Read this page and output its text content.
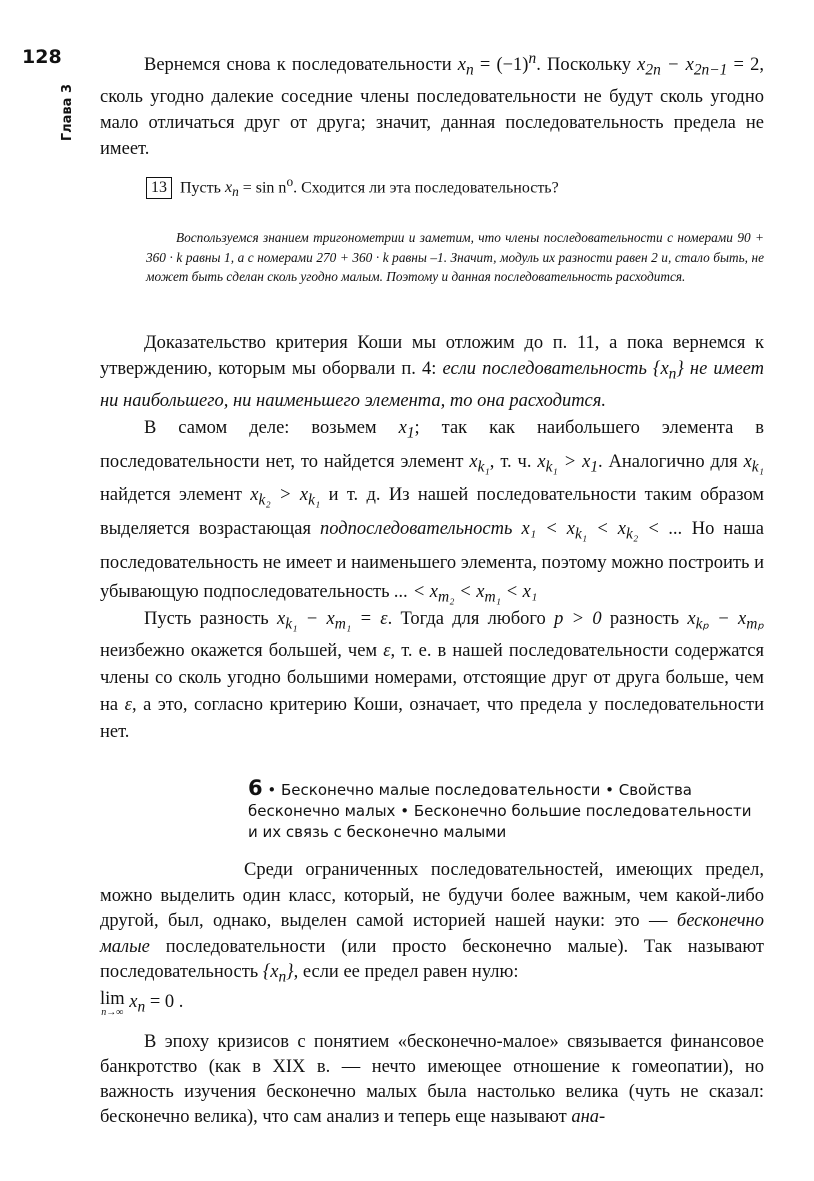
128
Глава 3
Вернемся снова к последовательности $x_n = (-1)^n$. Поскольку $x_{2n} - x_{2n-1} = 2$, сколь угодно далекие соседние члены последовательности не будут сколь угодно мало отличаться друг от друга; значит, данная последовательность предела не имеет.
13 Пусть $x_n = \sin n^o$. Сходится ли эта последовательность?
Воспользуемся знанием тригонометрии и заметим, что члены последовательности с номерами 90 + 360 · k равны 1, а с номерами 270 + 360 · k равны –1. Значит, модуль их разности равен 2 и, стало быть, не может быть сделан сколь угодно малым. Поэтому и данная последовательность расходится.
Доказательство критерия Коши мы отложим до п. 11, а пока вернемся к утверждению, которым мы оборвали п. 4: если последовательность $\{x_n\}$ не имеет ни наибольшего, ни наименьшего элемента, то она расходится.
В самом деле: возьмем $x_1$; так как наибольшего элемента в последовательности нет, то найдется элемент $x_{k_1}$, т. ч. $x_{k_1} > x_1$. Аналогично для $x_{k_1}$ найдется элемент $x_{k_2} > x_{k_1}$ и т. д. Из нашей последовательности таким образом выделяется возрастающая подпоследовательность $x_1 < x_{k_1} < x_{k_2}$ < ... Но наша последовательность не имеет и наименьшего элемента, поэтому можно построить и убывающую подпоследовательность ... < $x_{m_2} < x_{m_1} < x_1$
Пусть разность $x_{k_1} - x_{m_1} = \varepsilon$. Тогда для любого p > 0 разность $x_{k_p} - x_{m_p}$ неизбежно окажется большей, чем ε, т. е. в нашей последовательности содержатся члены со сколь угодно большими номерами, отстоящие друг от друга больше, чем на ε, а это, согласно критерию Коши, означает, что предела у последовательности нет.
6 • Бесконечно малые последовательности • Свойства бесконечно малых • Бесконечно большие последовательности и их связь с бесконечно малыми
Среди ограниченных последовательностей, имеющих предел, можно выделить один класс, который, не будучи более важным, чем какой-либо другой, был, однако, выделен самой историей нашей науки: это — бесконечно малые последовательности (или просто бесконечно малые). Так называют последовательность $\{x_n\}$, если ее предел равен нулю:
lim
n→∞
$x_n = 0$ .
В эпоху кризисов с понятием «бесконечно-малое» связывается финансовое банкротство (как в XIX в. — нечто имеющее отношение к гомеопатии), но важность изучения бесконечно малых была настолько велика (чуть не сказал: бесконечно велика), что сам анализ и теперь еще называют ана-
